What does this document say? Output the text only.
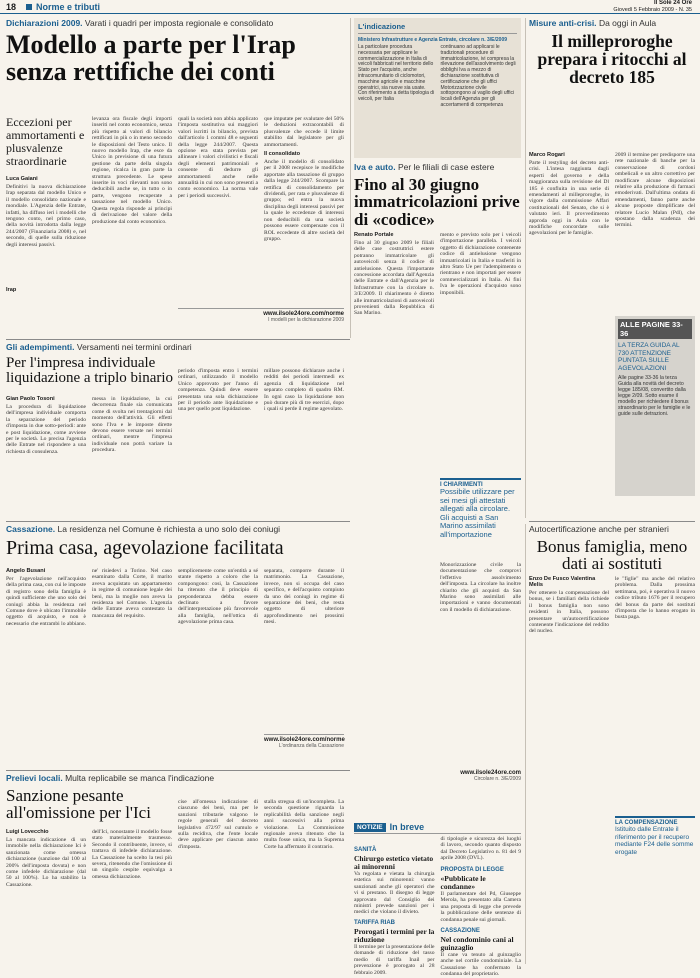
18 Norme e tributi	Il Sole 24 Ore
Giovedì 5 Febbraio 2009 - N. 35
Dichiarazioni 2009. Varati i quadri per imposta regionale e consolidato
Modello a parte per l'Irap senza rettifiche dei conti
Eccezioni per ammortamenti e plusvalenze straordinarie
Luca Gaiani
Definitivi la nuova dichiarazione Irap separata dal modello Unico e il modello consolidato nazionale e mondiale. L'Agenzia delle Entrate, infatti, ha diffuso ieri i modelli che tengono conto, nel primo caso, della novità introdotta dalla legge 244/2007 (Finanziaria 2008) e, nel secondo, di quelle sulla riduzione degli interessi passivi.
Irap
levanza ora fiscale degli importi inseriti nel conto economico, senza più rispetto ai valori di bilancio rettificati in più o in meno secondo le disposizioni del Testo unico. Il nuovo modello Irap, che esce da Unico in previsione di una futura gestione da parte della singola regione, ricalca in gran parte la struttura precedente. Le spese inserite in voci rilevanti non sono deducibili anche se, in tutto o in parte, vengono recuperate a tassazione nel modello Unico. Questa regola risponde ai principi di derivazione del valore della produzione dal conto economico.
quali la società non abbia applicato l'imposta sostitutiva sui maggiori valori iscritti in bilancio, prevista dall'articolo 1 commi 48 e seguenti della legge 244/2007. Questa opzione era stata prevista per allineare i valori civilistici e fiscali degli elementi patrimoniali e consente di dedurre gli ammortamenti anche nelle annualità in cui non sono presenti a conto economico. La norma vale per i periodi successivi.
que imputate per svalutare del 50% le deduzioni extracontabili di plusvalenze che eccede il limite stabilito dal legislatore per gli ammortamenti.
Il consolidato
Anche il modello di consolidato per il 2008 recepisce le modifiche apportate alla tassazione di gruppo dalla legge 244/2007. Scompare la rettifica di consolidamento per dividendi, per rata e plusvalenze di gruppo; ed entra la nuova disciplina degli interessi passivi per la quale le eccedenze di interessi non deducibili da una società possono essere compensate con il ROL eccedente di altre società del gruppo.
www.ilsole24ore.com/norme
I modelli per la dichiarazione 2009
L'indicazione
Ministero Infrastrutture e Agenzia Entrate, circolare n. 3/E/2009
La particolare procedura necessaria per applicare le commercializzazione in Italia di veicoli fabbricati nel territorio dello Stato per l'acquisto, anche intracomunitario di ciclomotori, macchine agricole e macchine operatrici, sia nuove sia usate. Con riferimento a detta tipologia di veicoli, per Italia
continuano ad applicarsi le tradizionali procedure di immatricolazione, ivi compresa la rilevazione dell'assolvimento degli obblighi Iva a mezzo di dichiarazione sostitutiva di certificazione che gli uffici Motorizzazione civile sottopongono al vaglio degli uffici locali dell'Agenzia per gli accertamenti di competenza
Iva e auto. Per le filiali di case estere
Fino al 30 giugno immatricolazioni prive di «codice»
Renato Portale
Fino al 30 giugno 2009 le filiali delle case costruttrici estere potranno immatricolare gli autoveicoli senza il codice di antielusione. Questa l'importante concessione accordata dall'Agenzia delle Entrate e dall'Agenzia per le Infrastrutture con la circolare n. 3/E/2009. Il chiarimento è diretto alle immatricolazioni di autoveicoli provenienti dalla Repubblica di San Marino.
mento e previsto solo per i veicoli d'importazione parallela. I veicoli oggetto di dichiarazione contenente codice di antielusione vengono immatricolati in Italia e trasferiti in altro Stato Ue per l'adempimento o rientrano e non importati per essere commercializzati in Italia. Ai fini Iva le operazioni d'acquisto sono imponibili.
I CHIARIMENTI
Possibile utilizzare per sei mesi gli attestati allegati alla circolare. Gli acquisti a San Marino assimilati all'importazione
Monorizzazione civile la documentazione che comprovi l'effettivo assolvimento dell'imposta. La circolare ha inoltre chiarito che gli acquisti da San Marino sono assimilati alle importazioni e vanno documentati con il modello di dichiarazione.
www.ilsole24ore.com
Circolare n. 3/E/2009
Misure anti-crisi. Da oggi in Aula
Il milleproroghe prepara i ritocchi al decreto 185
Marco Rogari
Parte il restyling del decreto anti-crisi. L'intesa raggiunta dagli esperti del governo e della maggioranza sulla revisione del Dl 185 è confluita in una serie di emendamenti al milleproroghe, in vigore dalla commissione Affari costituzionali del Senato, che si è valutato ieri. Il provvedimento approda oggi in Aula con le modifiche concordate sulle agevolazioni per le famiglie.
2009 il termine per predisporre una rete nazionale di banche per la conservazione di cordoni ombelicali e un altro correttivo per modificare alcune disposizioni relative alla produzione di farmaci emoderivati. Dall'ultima ondata di emendamenti, fanno parte anche alcune proposte dimplificate del relatore Lucio Malan (Pdl), che spostano dalla scadenza dei termini.
ALLE PAGINE 33-36
LA TERZA GUIDA AL 730 ATTENZIONE PUNTATA SULLE AGEVOLAZIONI
Alle pagine 33-36 la terza Guida alla novità del decreto legge 185/08, convertito dalla legge 2/09. Sotto esame il modello per richiedere il bonus straordinario per le famiglie e le guide sulle detrazioni.
Gli adempimenti. Versamenti nei termini ordinari
Per l'impresa individuale liquidazione a triplo binario
Gian Paolo Tosoni
La procedura di liquidazione dell'impresa individuale comporta la separazione del periodo d'imposta in due sotto-periodi: ante e post liquidazione, come avviene per le società. Lo precisa l'agenzia delle Entrate nel rispondere a una richiesta di consulenza.
messa in liquidazione, la cui decorrenza finale sia comunicata come di svolta nei trentagiorni dal momento dell'attività. Gli effetti sono l'Iva e le imposte dirette devono essere versate nei termini ordinari, mentre l'impresa individuale non potrà variare la procedura.
periodo d'imposta entro i termini ordinari, utilizzando il modello Unico approvato per l'anno di competenza. Quindi deve essere presentata una sola dichiarazione per il periodo ante liquidazione e una per quello post liquidazione.
millare possono dichiarare anche i redditi dei periodi intermedi ex agenzia di liquidazione nel separato completo di quadro RM. In ogni caso la liquidazione non può durare più di tre esercizi, dopo i quali si perde il regime agevolato.
Cassazione. La residenza nel Comune è richiesta a uno solo dei coniugi
Prima casa, agevolazione facilitata
Angelo Busani
Per l'agevolazione nell'acquisto della prima casa, con cui le imposte di registro sono della famiglia è quindi sufficiente che uno solo dei coniugi abbia la residenza nel Comune dove è ubicato l'immobile oggetto di acquisto, e non è necessario che entrambi lo abbiano.
ne' risiedevi a Torino. Nel caso esaminato dalla Corte, il marito aveva acquistato un appartamento in regime di comunione legale dei beni, ma la moglie non aveva la residenza nel Comune. L'agenzia delle Entrate aveva contestato la mancanza del requisito.
semplicemente come un'entità a sé stante rispetto a coloro che la compongono: cosi, la Cassazione ha ritenuto che il principio di preponderanza debba essere declinato a favore dell'interpretazione più favorevole alla famiglia, nell'ottica di agevolazione prima casa.
separata, comporre durante il matrimonio. La Cassazione, invece, non si occupa del caso specifico, e dell'acquisto compiuto da uno dei coniugi in regime di separazione dei beni, che resta oggetto di ulteriore approfondimento nei prossimi mesi.
www.ilsole24ore.com/norme
L'ordinanza della Cassazione
Autocertificazione anche per stranieri
Bonus famiglia, meno dati ai sostituti
Enzo De Fusco Valentina Melis
Per ottenere la compensazione del bonus, se i familiari della richiede il bonus famiglia non sono residenti in Italia, possono presentare un'autocertificazione contenente l'indicazione del reddito del nucleo.
le "figlie" ma anche del relativo problema. Dalla prossima settimana, poi, è operativa il nuovo codice tributo 1676 per il recupero del bonus da parte dei sostituti d'imposta che lo hanno erogato in busta paga.
LA COMPENSAZIONE
Istituito dalle Entrate il riferimento per il recupero mediante F24 delle somme erogate
Prelievi locali. Multa replicabile se manca l'indicazione
Sanzione pesante all'omissione per l'Ici
Luigi Lovecchio
La mancata indicazione di un immobile nella dichiarazione Ici è sanzionata come omessa dichiarazione (sanzione dal 100 al 200% dell'imposta dovuta) e non come infedele dichiarazione (dal 50 al 100%). Lo ha stabilito la Cassazione.
dell'Ici, nonostante il modello fosse stato materialmente trasmesso. Secondo il contribuente, invece, si trattava di infedele dichiarazione. La Cassazione ha scelto la tesi più severa, ritenendo che l'omissione di un singolo cespite equivalga a omessa dichiarazione.
cise all'omessa indicazione di ciascuno dei beni, ma per le sanzioni tributarie valgono le regole generali del decreto legislativo 472/97 sul cumulo e sulla recidiva, che l'ente locale deve applicare per ciascun anno d'imposta.
stalla stregua di un'incompleta. La seconda questione riguarda la replicabilità della sanzione negli anni successivi alla prima violazione. La Commissione regionale aveva ritenuto che la multa fosse unica, ma la Suprema Corte ha affermato il contrario.
NOTIZIE In breve
SANITÀ
Chirurgo estetico vietato ai minorenni
Va regolata e vietata la chirurgia estetica sui minorenni: vanno sanzionati anche gli operatori che vi si prestano. Il disegno di legge approvato dal Consiglio dei ministri prevede sanzioni per i medici che violano il divieto.
TARIFFA RIAB
Prorogati i termini per la riduzione
Il termine per la presentazione delle domande di riduzione del tasso medio di tariffa Inail per prevenzione è prorogato al 28 febbraio 2009.
di tipologie e sicurezza dei luoghi di lavoro, secondo quanto disposto dal Decreto Legislativo n. 81 del 9 aprile 2008 (DVL).
PROPOSTA DI LEGGE
«Pubblicate le condanne»
Il parlamentare del Pd, Giuseppe Merola, ha presentato alla Camera una proposta di legge che prevede la pubblicazione delle sentenze di condanna penale sui giornali.
CASSAZIONE
Nel condominio cani al guinzaglio
Il cane va tenuto al guinzaglio anche nel cortile condominiale. La Cassazione ha confermato la condanna del proprietario.
